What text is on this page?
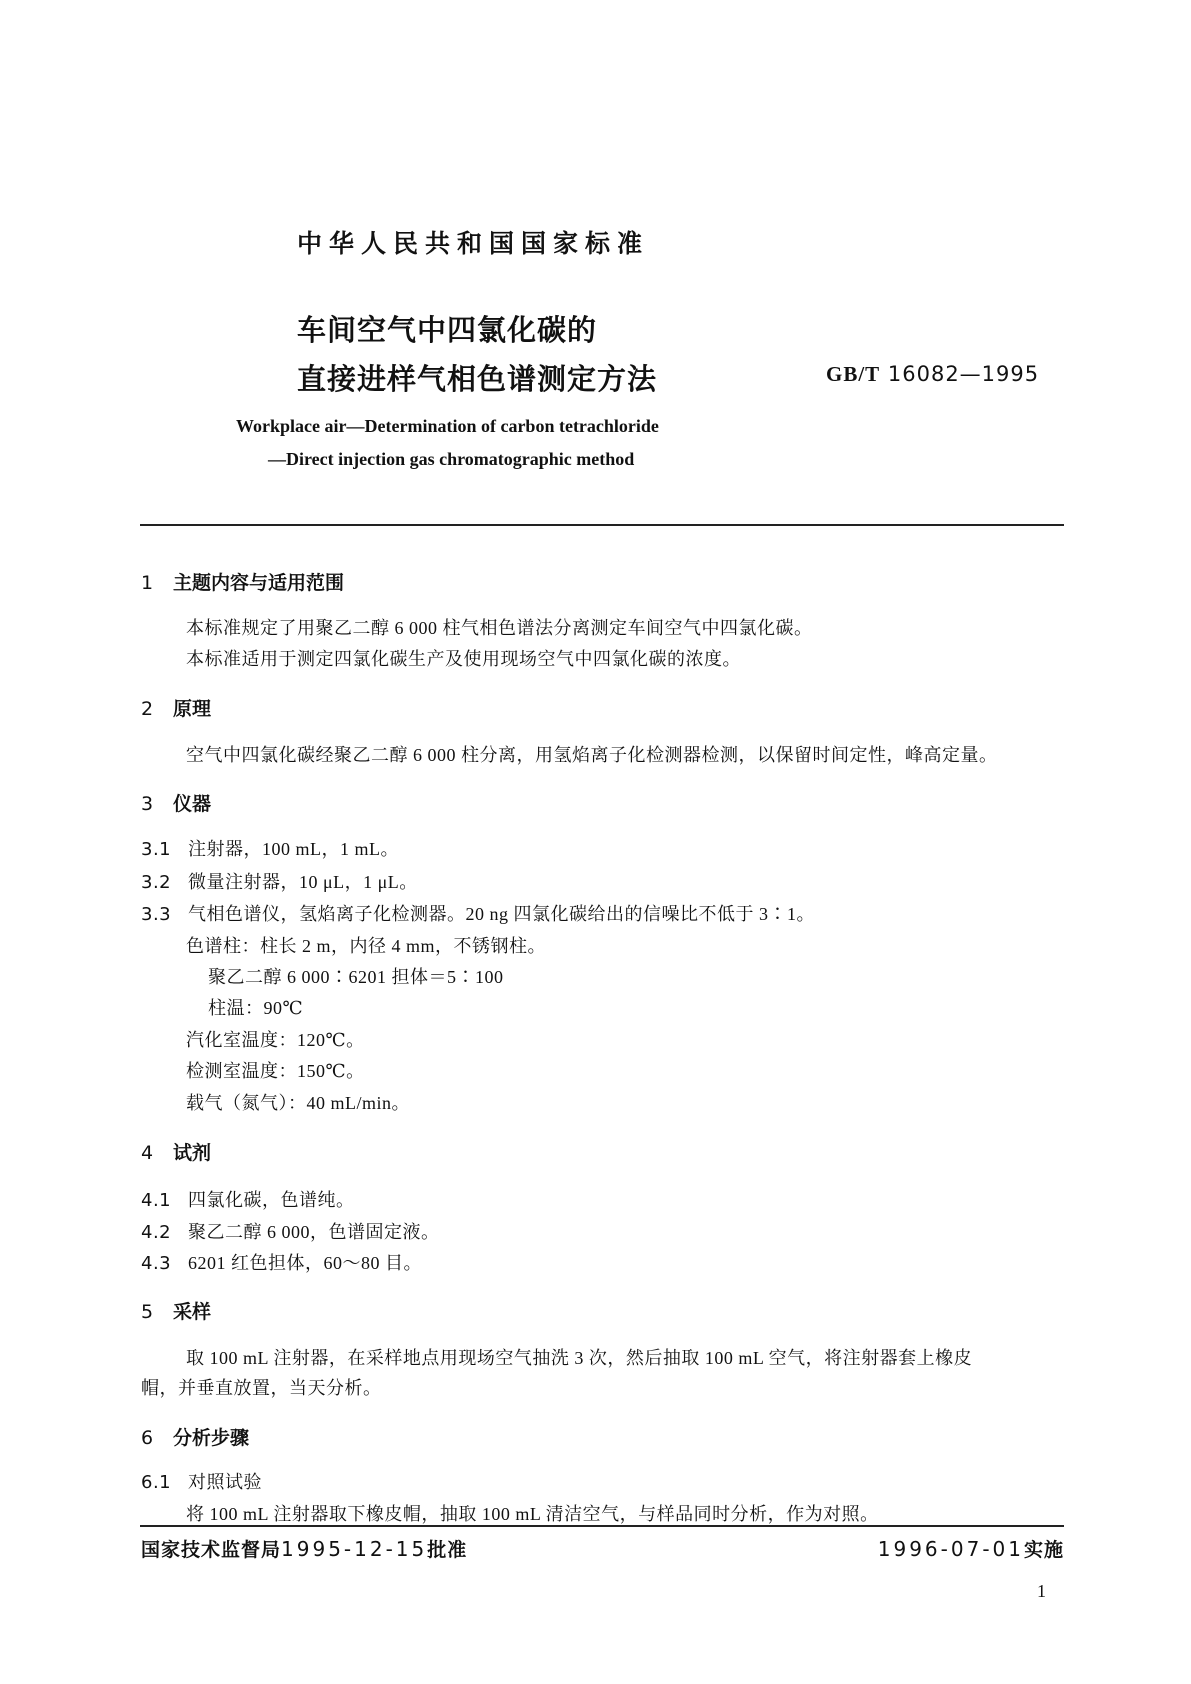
中华人民共和国国家标准
车间空气中四氯化碳的
直接进样气相色谱测定方法	GB/T 16082—1995
Workplace air—Determination of carbon tetrachloride
—Direct injection gas chromatographic method
1 主题内容与适用范围
本标准规定了用聚乙二醇 6 000 柱气相色谱法分离测定车间空气中四氯化碳。
本标准适用于测定四氯化碳生产及使用现场空气中四氯化碳的浓度。
2 原理
空气中四氯化碳经聚乙二醇 6 000 柱分离，用氢焰离子化检测器检测，以保留时间定性，峰高定量。
3 仪器
3.1 注射器，100 mL，1 mL。
3.2 微量注射器，10 μL，1 μL。
3.3 气相色谱仪，氢焰离子化检测器。20 ng 四氯化碳给出的信噪比不低于 3∶1。
色谱柱：柱长 2 m，内径 4 mm，不锈钢柱。
聚乙二醇 6 000∶6201 担体＝5∶100
柱温：90℃
汽化室温度：120℃。
检测室温度：150℃。
载气（氮气）：40 mL/min。
4 试剂
4.1 四氯化碳，色谱纯。
4.2 聚乙二醇 6 000，色谱固定液。
4.3 6201 红色担体，60～80 目。
5 采样
取 100 mL 注射器，在采样地点用现场空气抽洗 3 次，然后抽取 100 mL 空气，将注射器套上橡皮
帽，并垂直放置，当天分析。
6 分析步骤
6.1 对照试验
将 100 mL 注射器取下橡皮帽，抽取 100 mL 清洁空气，与样品同时分析，作为对照。
国家技术监督局1995-12-15批准	1996-07-01实施
1
